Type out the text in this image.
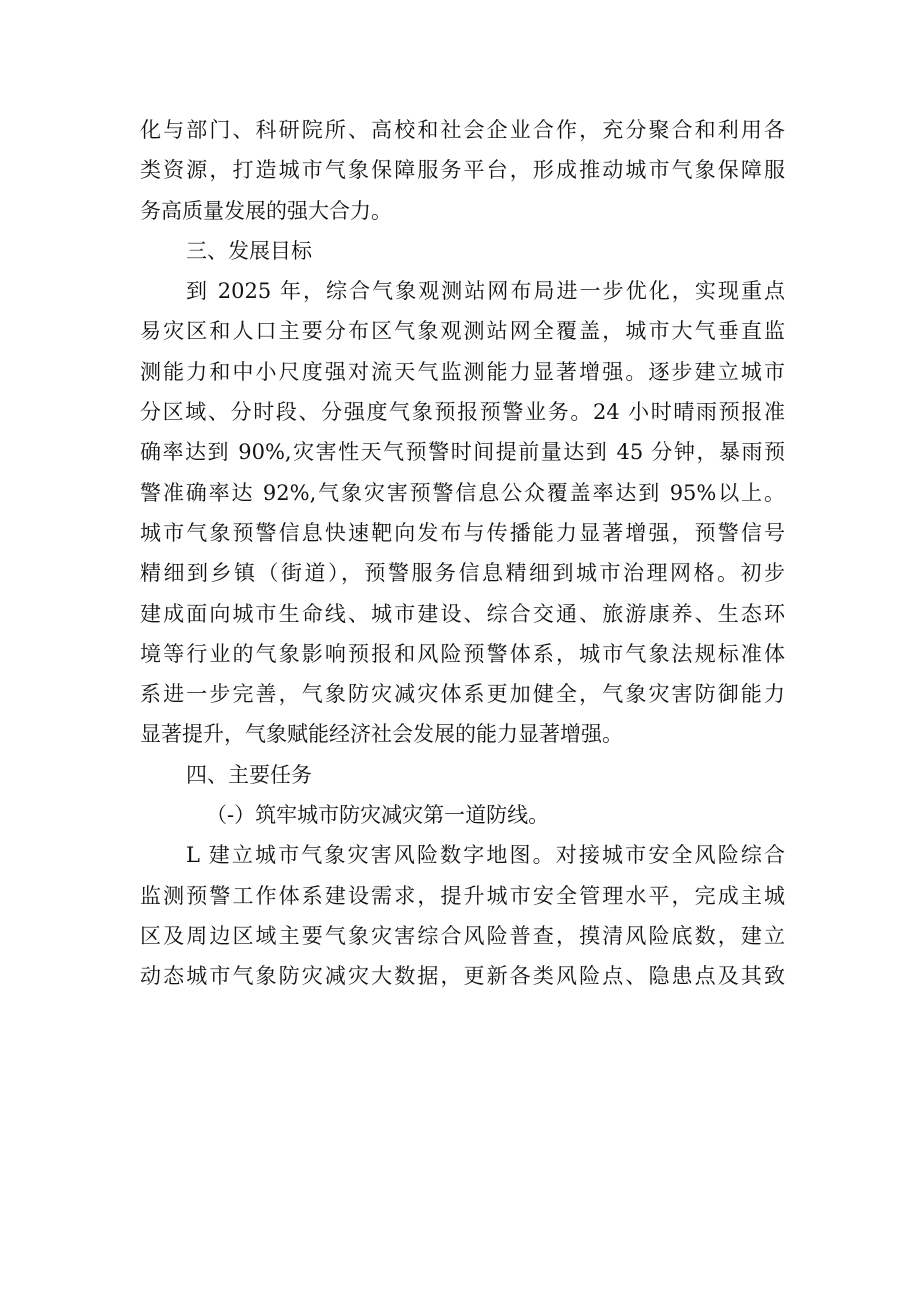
化与部门、科研院所、高校和社会企业合作，充分聚合和利用各
类资源，打造城市气象保障服务平台，形成推动城市气象保障服
务高质量发展的强大合力。
三、发展目标
到 2025 年，综合气象观测站网布局进一步优化，实现重点
易灾区和人口主要分布区气象观测站网全覆盖，城市大气垂直监
测能力和中小尺度强对流天气监测能力显著增强。逐步建立城市
分区域、分时段、分强度气象预报预警业务。24 小时晴雨预报准
确率达到 90%,灾害性天气预警时间提前量达到 45 分钟，暴雨预
警准确率达 92%,气象灾害预警信息公众覆盖率达到 95%以上。
城市气象预警信息快速靶向发布与传播能力显著增强，预警信号
精细到乡镇（街道），预警服务信息精细到城市治理网格。初步
建成面向城市生命线、城市建设、综合交通、旅游康养、生态环
境等行业的气象影响预报和风险预警体系，城市气象法规标准体
系进一步完善，气象防灾减灾体系更加健全，气象灾害防御能力
显著提升，气象赋能经济社会发展的能力显著增强。
四、主要任务
（-）筑牢城市防灾减灾第一道防线。
L 建立城市气象灾害风险数字地图。对接城市安全风险综合
监测预警工作体系建设需求，提升城市安全管理水平，完成主城
区及周边区域主要气象灾害综合风险普查，摸清风险底数，建立
动态城市气象防灾减灾大数据，更新各类风险点、隐患点及其致
